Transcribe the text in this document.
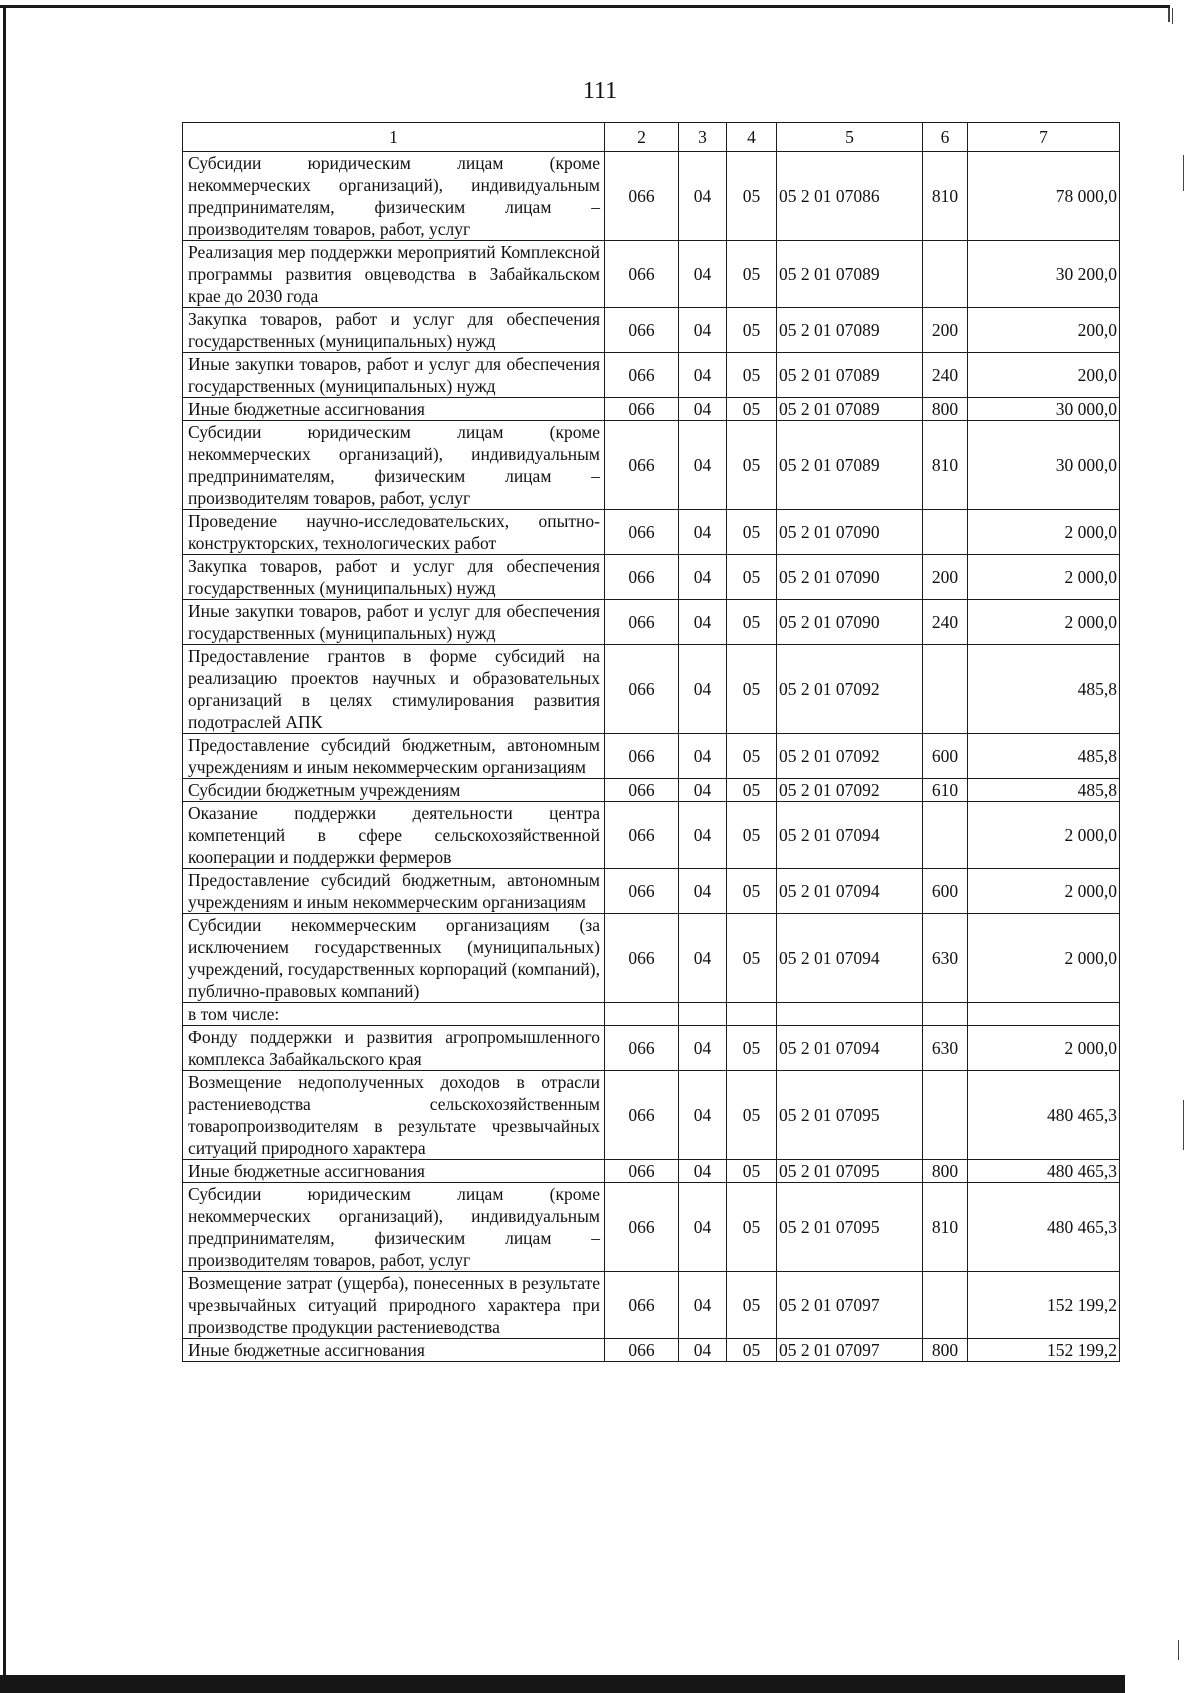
111
1	2	3	4	5	6	7
Субсидии юридическим лицам (кроме некоммерческих организаций), индивидуальным предпринимателям, физическим лицам – производителям товаров, работ, услуг	066	04	05	05 2 01 07086	810	78 000,0
Реализация мер поддержки мероприятий Комплексной программы развития овцеводства в Забайкальском крае до 2030 года	066	04	05	05 2 01 07089		30 200,0
Закупка товаров, работ и услуг для обеспечения государственных (муниципальных) нужд	066	04	05	05 2 01 07089	200	200,0
Иные закупки товаров, работ и услуг для обеспечения государственных (муниципальных) нужд	066	04	05	05 2 01 07089	240	200,0
Иные бюджетные ассигнования	066	04	05	05 2 01 07089	800	30 000,0
Субсидии юридическим лицам (кроме некоммерческих организаций), индивидуальным предпринимателям, физическим лицам – производителям товаров, работ, услуг	066	04	05	05 2 01 07089	810	30 000,0
Проведение научно-исследовательских, опытно-конструкторских, технологических работ	066	04	05	05 2 01 07090		2 000,0
Закупка товаров, работ и услуг для обеспечения государственных (муниципальных) нужд	066	04	05	05 2 01 07090	200	2 000,0
Иные закупки товаров, работ и услуг для обеспечения государственных (муниципальных) нужд	066	04	05	05 2 01 07090	240	2 000,0
Предоставление грантов в форме субсидий на реализацию проектов научных и образовательных организаций в целях стимулирования развития подотраслей АПК	066	04	05	05 2 01 07092		485,8
Предоставление субсидий бюджетным, автономным учреждениям и иным некоммерческим организациям	066	04	05	05 2 01 07092	600	485,8
Субсидии бюджетным учреждениям	066	04	05	05 2 01 07092	610	485,8
Оказание поддержки деятельности центра компетенций в сфере сельскохозяйственной кооперации и поддержки фермеров	066	04	05	05 2 01 07094		2 000,0
Предоставление субсидий бюджетным, автономным учреждениям и иным некоммерческим организациям	066	04	05	05 2 01 07094	600	2 000,0
Субсидии некоммерческим организациям (за исключением государственных (муниципальных) учреждений, государственных корпораций (компаний), публично-правовых компаний)	066	04	05	05 2 01 07094	630	2 000,0
в том числе:						
Фонду поддержки и развития агропромышленного комплекса Забайкальского края	066	04	05	05 2 01 07094	630	2 000,0
Возмещение недополученных доходов в отрасли растениеводства сельскохозяйственным товаропроизводителям в результате чрезвычайных ситуаций природного характера	066	04	05	05 2 01 07095		480 465,3
Иные бюджетные ассигнования	066	04	05	05 2 01 07095	800	480 465,3
Субсидии юридическим лицам (кроме некоммерческих организаций), индивидуальным предпринимателям, физическим лицам – производителям товаров, работ, услуг	066	04	05	05 2 01 07095	810	480 465,3
Возмещение затрат (ущерба), понесенных в результате чрезвычайных ситуаций природного характера при производстве продукции растениеводства	066	04	05	05 2 01 07097		152 199,2
Иные бюджетные ассигнования	066	04	05	05 2 01 07097	800	152 199,2
